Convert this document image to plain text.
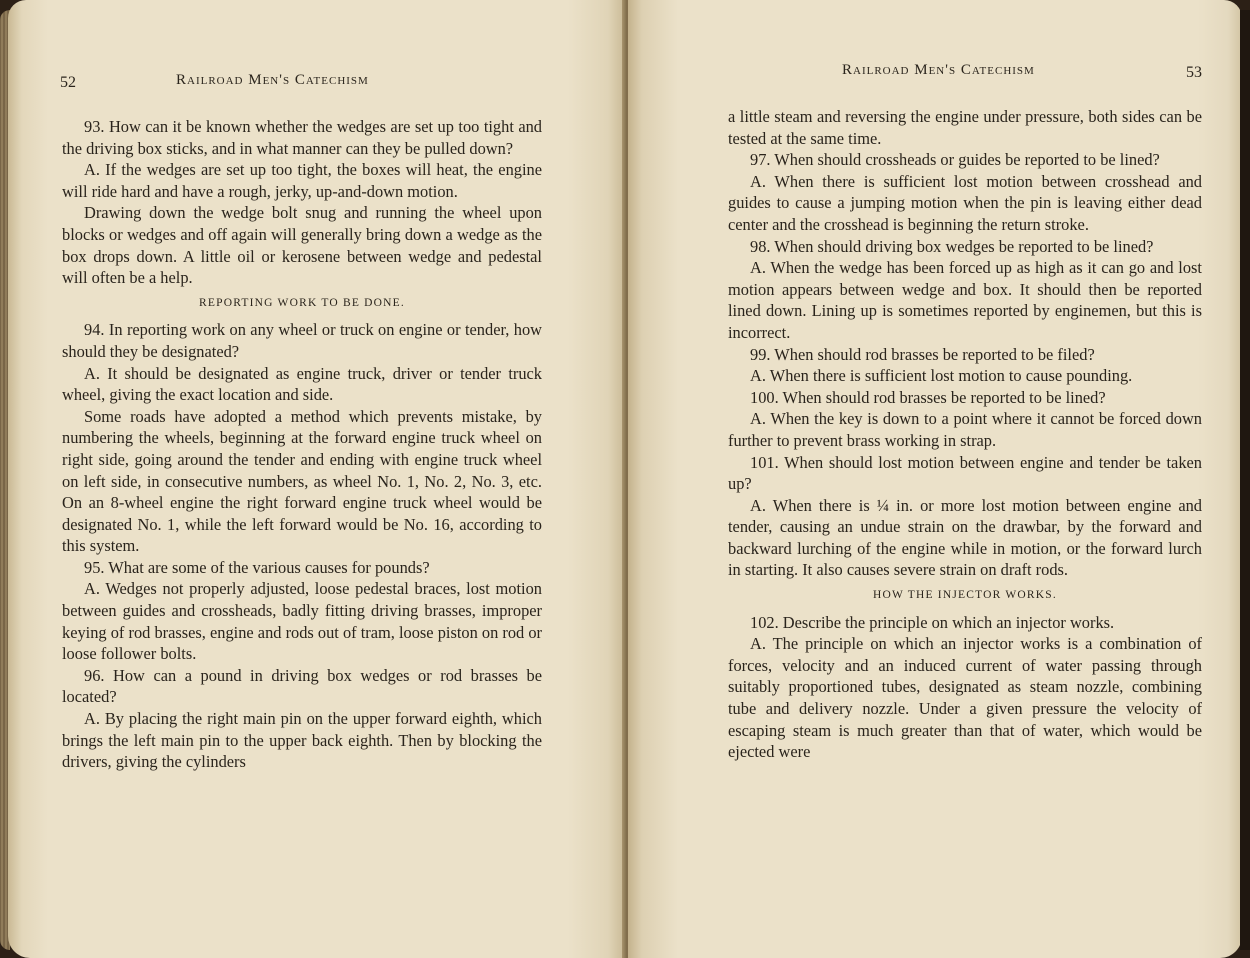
52	Railroad Men's Catechism

93. How can it be known whether the wedges are set up too tight and the driving box sticks, and in what manner can they be pulled down?

A. If the wedges are set up too tight, the boxes will heat, the engine will ride hard and have a rough, jerky, up-and-down motion.

Drawing down the wedge bolt snug and running the wheel upon blocks or wedges and off again will generally bring down a wedge as the box drops down. A little oil or kerosene between wedge and pedestal will often be a help.

REPORTING WORK TO BE DONE.

94. In reporting work on any wheel or truck on engine or tender, how should they be designated?

A. It should be designated as engine truck, driver or tender truck wheel, giving the exact location and side.

Some roads have adopted a method which prevents mistake, by numbering the wheels, beginning at the forward engine truck wheel on right side, going around the tender and ending with engine truck wheel on left side, in consecutive numbers, as wheel No. 1, No. 2, No. 3, etc. On an 8-wheel engine the right forward engine truck wheel would be designated No. 1, while the left forward would be No. 16, according to this system.

95. What are some of the various causes for pounds?

A. Wedges not properly adjusted, loose pedestal braces, lost motion between guides and crossheads, badly fitting driving brasses, improper keying of rod brasses, engine and rods out of tram, loose piston on rod or loose follower bolts.

96. How can a pound in driving box wedges or rod brasses be located?

A. By placing the right main pin on the upper forward eighth, which brings the left main pin to the upper back eighth. Then by blocking the drivers, giving the cylinders

Railroad Men's Catechism	53

a little steam and reversing the engine under pressure, both sides can be tested at the same time.

97. When should crossheads or guides be reported to be lined?

A. When there is sufficient lost motion between crosshead and guides to cause a jumping motion when the pin is leaving either dead center and the crosshead is beginning the return stroke.

98. When should driving box wedges be reported to be lined?

A. When the wedge has been forced up as high as it can go and lost motion appears between wedge and box. It should then be reported lined down. Lining up is sometimes reported by enginemen, but this is incorrect.

99. When should rod brasses be reported to be filed?

A. When there is sufficient lost motion to cause pounding.

100. When should rod brasses be reported to be lined?

A. When the key is down to a point where it cannot be forced down further to prevent brass working in strap.

101. When should lost motion between engine and tender be taken up?

A. When there is ¼ in. or more lost motion between engine and tender, causing an undue strain on the drawbar, by the forward and backward lurching of the engine while in motion, or the forward lurch in starting. It also causes severe strain on draft rods.

HOW THE INJECTOR WORKS.

102. Describe the principle on which an injector works.

A. The principle on which an injector works is a combination of forces, velocity and an induced current of water passing through suitably proportioned tubes, designated as steam nozzle, combining tube and delivery nozzle. Under a given pressure the velocity of escaping steam is much greater than that of water, which would be ejected were
